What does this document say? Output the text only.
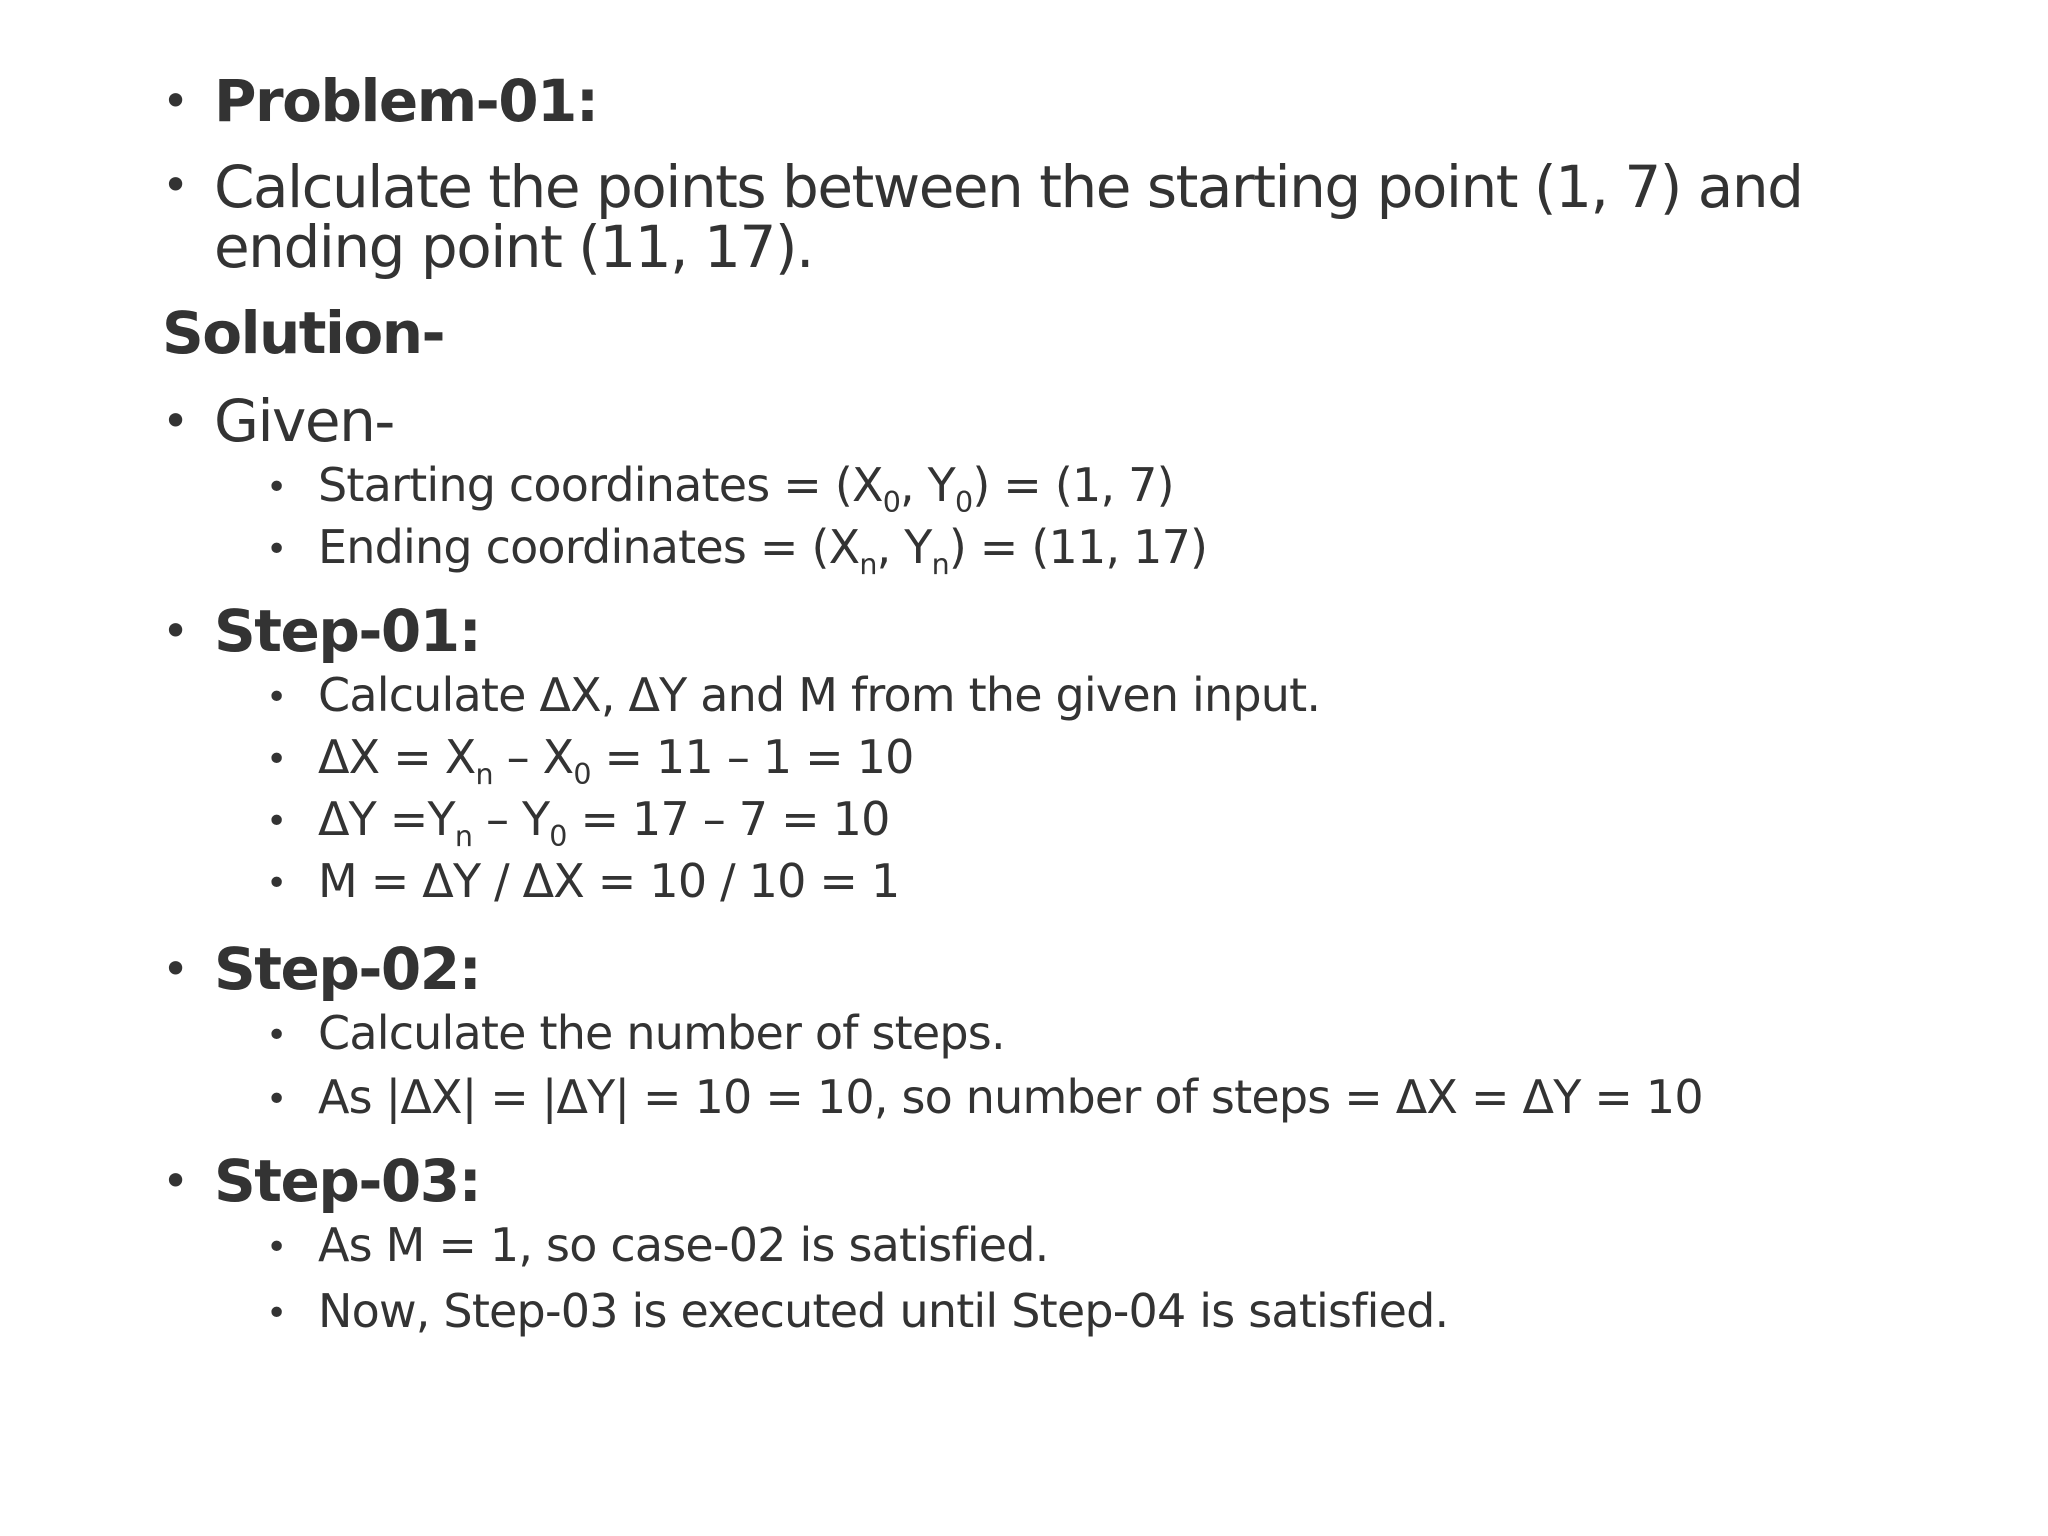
• Problem-01:
• Calculate the points between the starting point (1, 7) and
ending point (11, 17).
Solution-
• Given-
• Starting coordinates = ($X_0$, $Y_0) = (1$, 7)
• Ending coordinates = ($X_n$, $Y_n) = (11$, 17)
• Step-01:
• Calculate ΔX, ΔY and M from the given input.
• $\Delta X = X_n - X_0 = 11 - 1 = 10$
• $\Delta Y =Y_n - Y_0 = 17 - 7 = 10$
• M = ΔY / ΔX = 10 / 10 = 1
• Step-02:
• Calculate the number of steps.
• As |ΔX| = |ΔY| = 10 = 10, so number of steps = ΔX = ΔY = 10
• Step-03:
• As M = 1, so case-02 is satisfied.
• Now, Step-03 is executed until Step-04 is satisfied.
